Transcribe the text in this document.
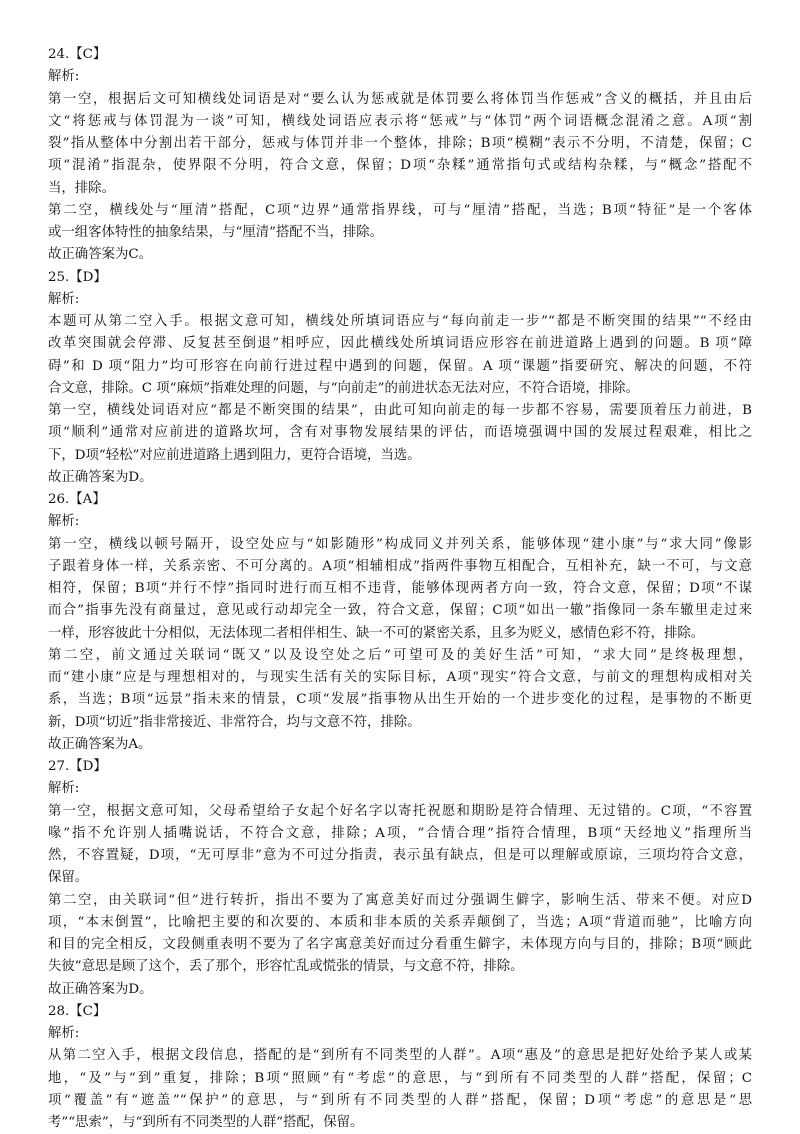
24.【C】
解析:
第一空，根据后文可知横线处词语是对“要么认为惩戒就是体罚要么将体罚当作惩戒”含义的概括，并且由后
文“将惩戒与体罚混为一谈”可知，横线处词语应表示将“惩戒”与“体罚”两个词语概念混淆之意。A项“割
裂”指从整体中分割出若干部分，惩戒与体罚并非一个整体，排除；B项“模糊”表示不分明，不清楚，保留；C
项“混淆”指混杂，使界限不分明，符合文意，保留；D项“杂糅”通常指句式或结构杂糅，与“概念”搭配不
当，排除。
第二空，横线处与“厘清”搭配，C项“边界”通常指界线，可与“厘清”搭配，当选；B项“特征”是一个客体
或一组客体特性的抽象结果，与“厘清”搭配不当，排除。
故正确答案为C。
25.【D】
解析:
本题可从第二空入手。根据文意可知，横线处所填词语应与“每向前走一步”“都是不断突围的结果”“不经由
改革突围就会停滞、反复甚至倒退”相呼应，因此横线处所填词语应形容在前进道路上遇到的问题。B 项“障
碍”和 D 项“阻力”均可形容在向前行进过程中遇到的问题，保留。A 项“课题”指要研究、解决的问题，不符
合文意，排除。C 项“麻烦”指难处理的问题，与“向前走”的前进状态无法对应，不符合语境，排除。
第一空，横线处词语对应“都是不断突围的结果”，由此可知向前走的每一步都不容易，需要顶着压力前进，B
项“顺利”通常对应前进的道路坎坷，含有对事物发展结果的评估，而语境强调中国的发展过程艰难，相比之
下，D项“轻松”对应前进道路上遇到阻力，更符合语境，当选。
故正确答案为D。
26.【A】
解析:
第一空，横线以顿号隔开，设空处应与“如影随形”构成同义并列关系，能够体现“建小康”与“求大同”像影
子跟着身体一样，关系亲密、不可分离的。A项“相辅相成”指两件事物互相配合，互相补充，缺一不可，与文意
相符，保留；B项“并行不悖”指同时进行而互相不违背，能够体现两者方向一致，符合文意，保留；D项“不谋
而合”指事先没有商量过，意见或行动却完全一致，符合文意，保留；C项“如出一辙”指像同一条车辙里走过来
一样，形容彼此十分相似，无法体现二者相伴相生、缺一不可的紧密关系，且多为贬义，感情色彩不符，排除。
第二空，前文通过关联词“既又”以及设空处之后“可望可及的美好生活”可知，“求大同”是终极理想，
而“建小康”应是与理想相对的，与现实生活有关的实际目标，A项“现实”符合文意，与前文的理想构成相对关
系，当选；B项“远景”指未来的情景，C项“发展”指事物从出生开始的一个进步变化的过程，是事物的不断更
新，D项“切近”指非常接近、非常符合，均与文意不符，排除。
故正确答案为A。
27.【D】
解析:
第一空，根据文意可知，父母希望给子女起个好名字以寄托祝愿和期盼是符合情理、无过错的。C项，“不容置
喙”指不允许别人插嘴说话，不符合文意，排除；A项，“合情合理”指符合情理，B项“天经地义”指理所当
然，不容置疑，D项，“无可厚非”意为不可过分指责，表示虽有缺点，但是可以理解或原谅，三项均符合文意，
保留。
第二空，由关联词“但”进行转折，指出不要为了寓意美好而过分强调生僻字，影响生活、带来不便。对应D
项，“本末倒置”，比喻把主要的和次要的、本质和非本质的关系弄颠倒了，当选；A项“背道而驰”，比喻方向
和目的完全相反，文段侧重表明不要为了名字寓意美好而过分看重生僻字，未体现方向与目的，排除；B项“顾此
失彼”意思是顾了这个，丢了那个，形容忙乱或慌张的情景，与文意不符，排除。
故正确答案为D。
28.【C】
解析:
从第二空入手，根据文段信息，搭配的是“到所有不同类型的人群”。A项“惠及”的意思是把好处给予某人或某
地，“及”与“到”重复，排除；B项“照顾”有“考虑”的意思，与“到所有不同类型的人群”搭配，保留；C
项“覆盖”有“遮盖”“保护”的意思，与“到所有不同类型的人群”搭配，保留；D项“考虑”的意思是“思
考”“思索”，与“到所有不同类型的人群”搭配，保留。
